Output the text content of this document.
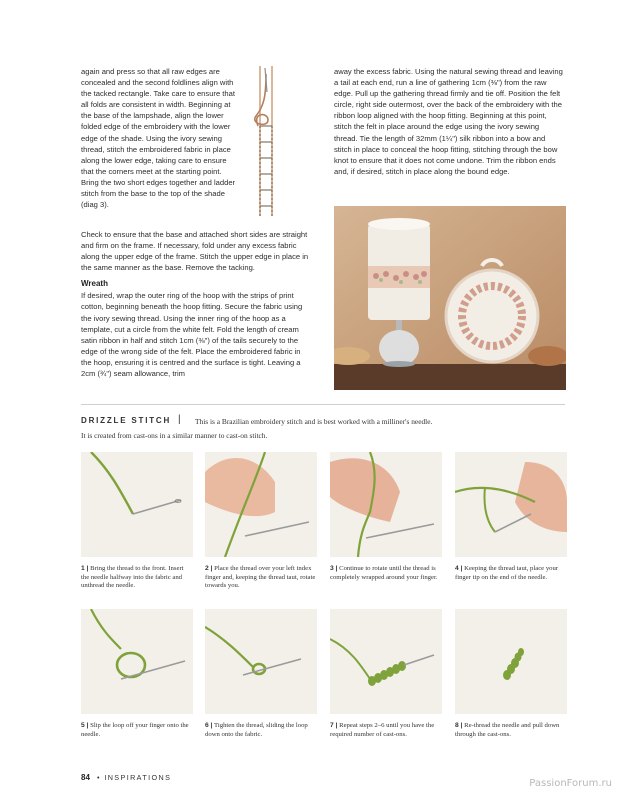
again and press so that all raw edges are concealed and the second foldlines align with the tacked rectangle. Take care to ensure that all folds are consistent in width. Beginning at the base of the lampshade, align the lower folded edge of the embroidery with the lower edge of the shade. Using the ivory sewing thread, stitch the embroidered fabric in place along the lower edge, taking care to ensure that the corners meet at the starting point. Bring the two short edges together and ladder stitch from the base to the top of the shade (diag 3).

Check to ensure that the base and attached short sides are straight and firm on the frame. If necessary, fold under any excess fabric along the upper edge of the frame. Stitch the upper edge in place in the same manner as the base. Remove the tacking.

Wreath

If desired, wrap the outer ring of the hoop with the strips of print cotton, beginning beneath the hoop fitting. Secure the fabric using the ivory sewing thread. Using the inner ring of the hoop as a template, cut a circle from the white felt. Fold the length of cream satin ribbon in half and stitch 1cm (⅜") of the tails securely to the edge of the wrong side of the felt. Place the embroidered fabric in the hoop, ensuring it is centred and the surface is tight. Leaving a 2cm (¾") seam allowance, trim

away the excess fabric. Using the natural sewing thread and leaving a tail at each end, run a line of gathering 1cm (⅜") from the raw edge. Pull up the gathering thread firmly and tie off. Position the felt circle, right side outermost, over the back of the embroidery with the ribbon loop aligned with the hoop fitting. Beginning at this point, stitch the felt in place around the edge using the ivory sewing thread. Tie the length of 32mm (1¼") silk ribbon into a bow and stitch in place to conceal the hoop fitting, stitching through the bow knot to ensure that it does not come undone. Trim the ribbon ends and, if desired, stitch in place along the bound edge.

DRIZZLE STITCH | This is a Brazilian embroidery stitch and is best worked with a milliner's needle.
It is created from cast-ons in a similar manner to cast-on stitch.
1 | Bring the thread to the front. Insert the needle halfway into the fabric and unthread the needle.
2 | Place the thread over your left index finger and, keeping the thread taut, rotate towards you.
3 | Continue to rotate until the thread is completely wrapped around your finger.
4 | Keeping the thread taut, place your finger tip on the end of the needle.
5 | Slip the loop off your finger onto the needle.
6 | Tighten the thread, sliding the loop down onto the fabric.
7 | Repeat steps 2–6 until you have the required number of cast-ons.
8 | Re-thread the needle and pull down through the cast-ons.
84 • INSPIRATIONS
PassionForum.ru
